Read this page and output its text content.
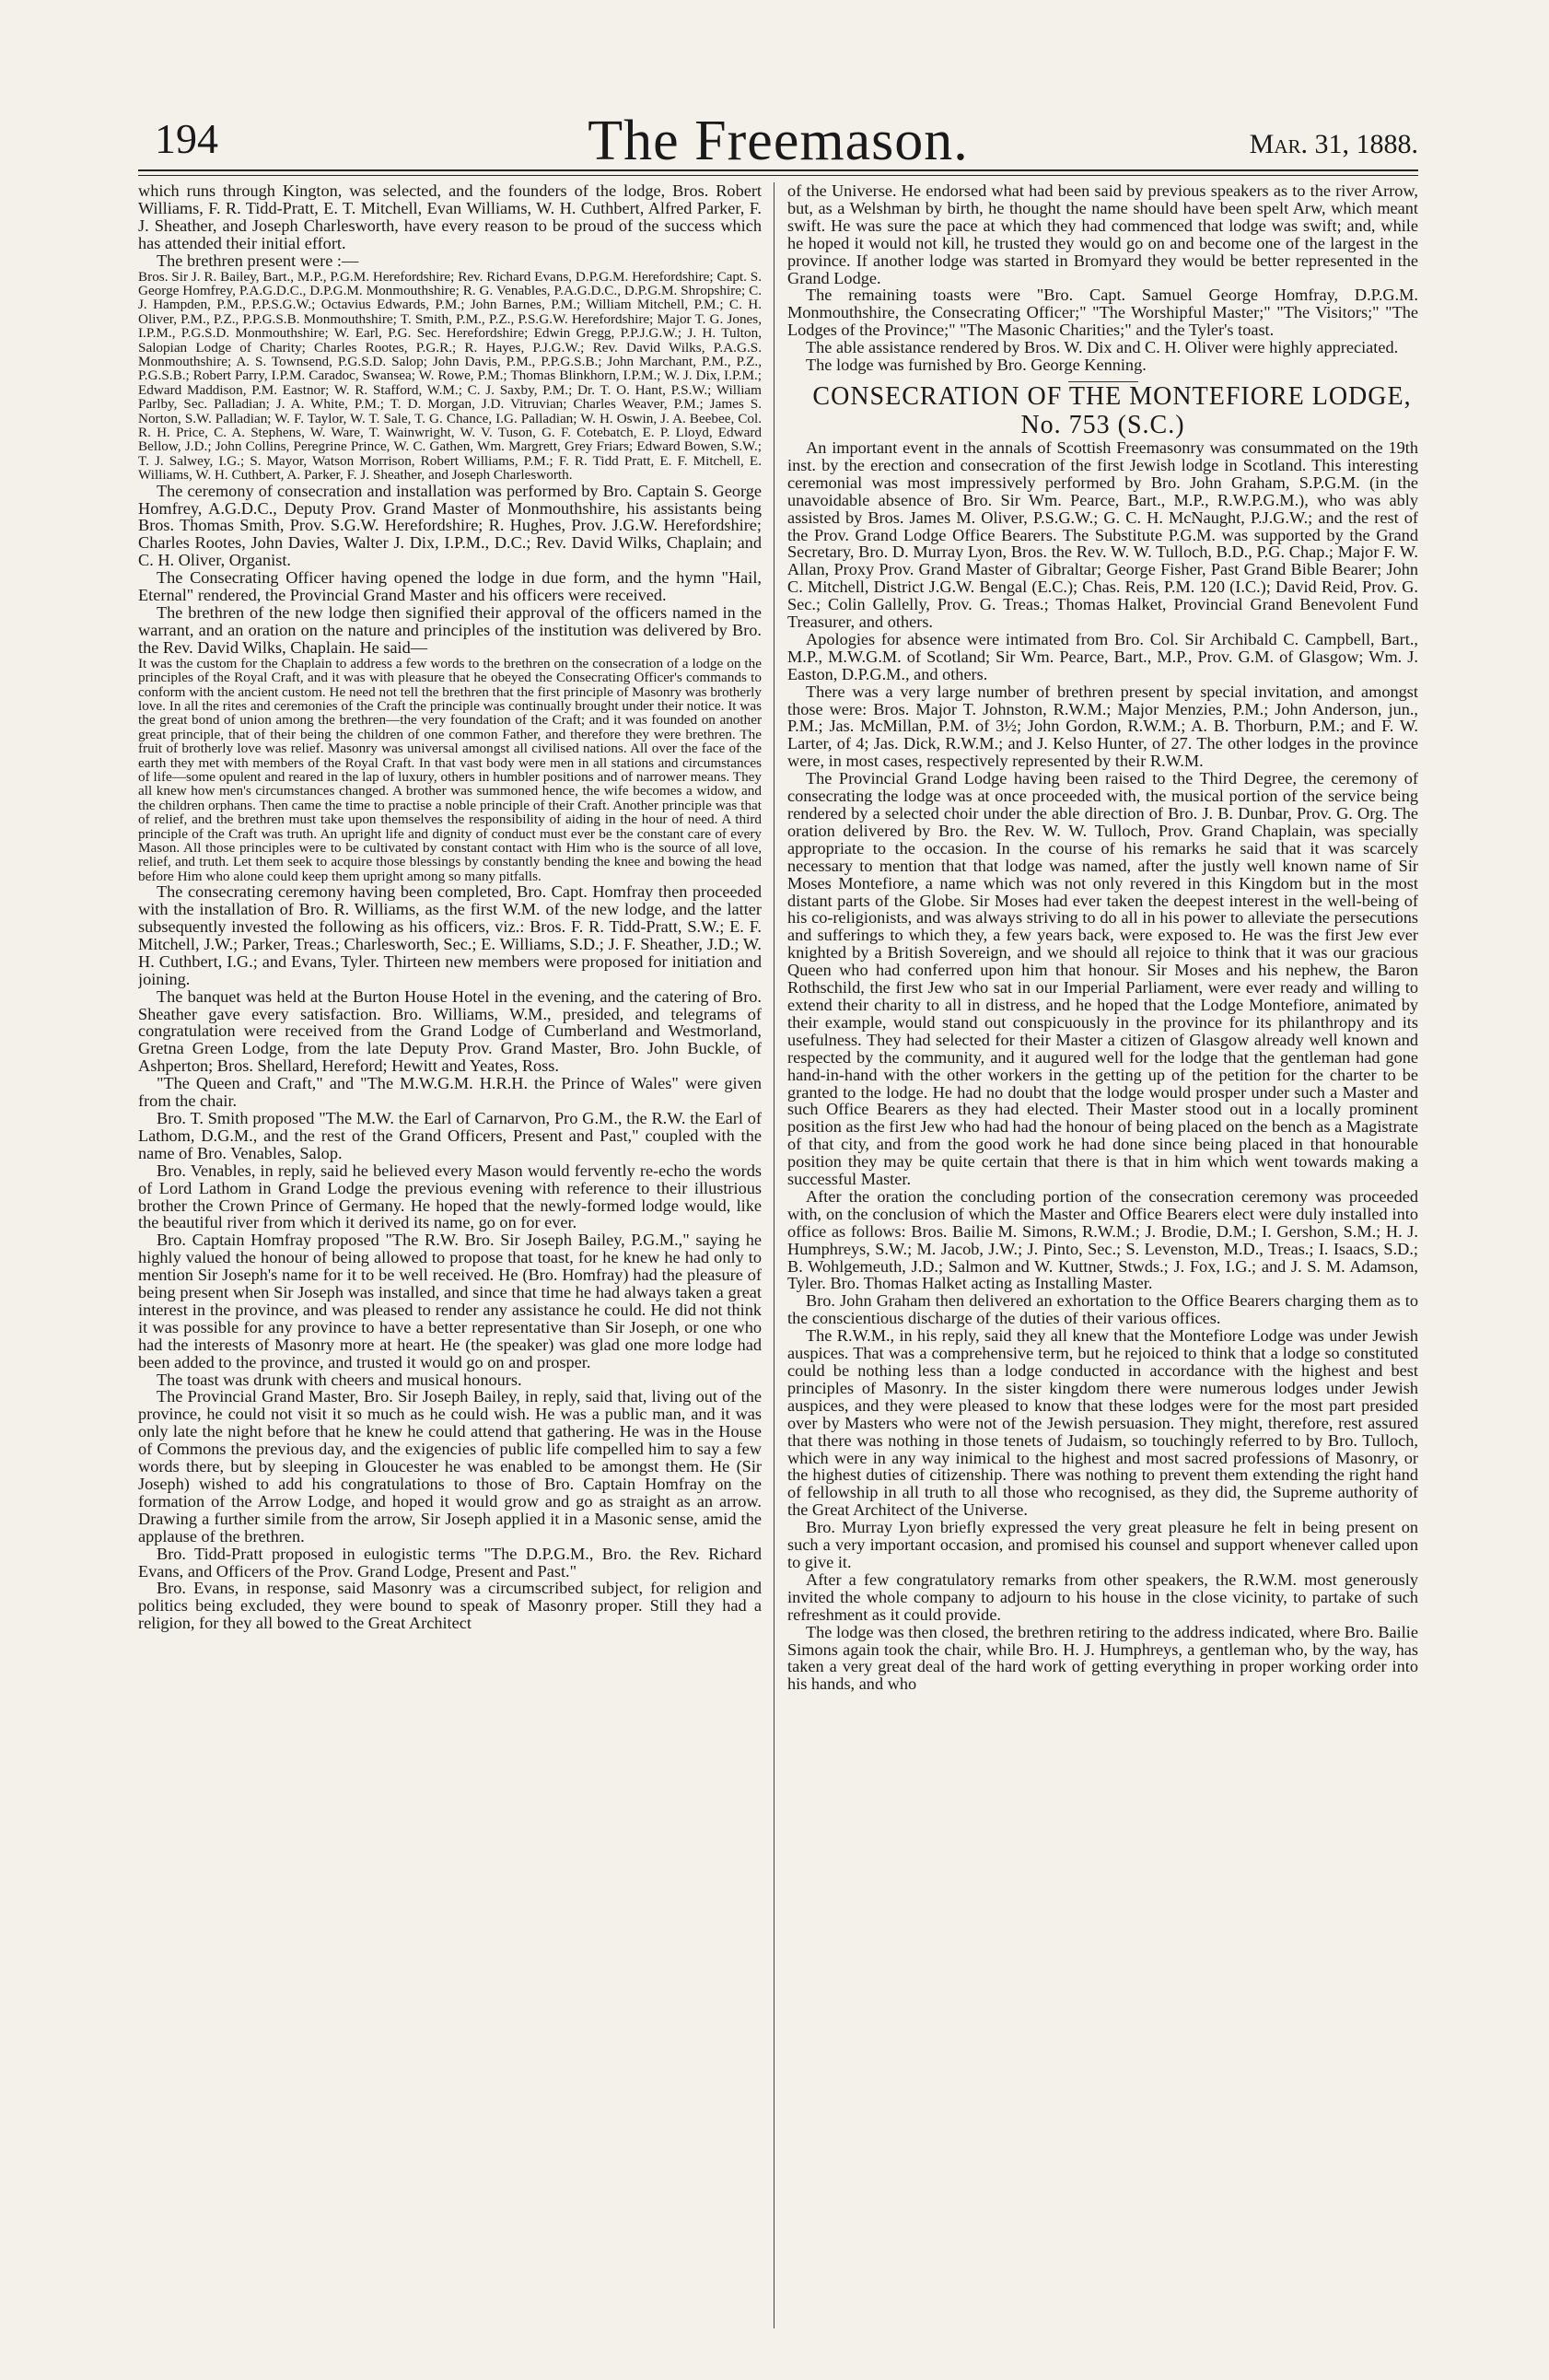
194	The Freemason.	Mar. 31, 1888.

which runs through Kington, was selected, and the founders of the lodge, Bros. Robert Williams, F. R. Tidd-Pratt, E. T. Mitchell, Evan Williams, W. H. Cuthbert, Alfred Parker, F. J. Sheather, and Joseph Charlesworth, have every reason to be proud of the success which has attended their initial effort.

The brethren present were :—

Bros. Sir J. R. Bailey, Bart., M.P., P.G.M. Herefordshire; Rev. Richard Evans, D.P.G.M. Herefordshire; Capt. S. George Homfrey, P.A.G.D.C., D.P.G.M. Monmouthshire; R. G. Venables, P.A.G.D.C., D.P.G.M. Shropshire; C. J. Hampden, P.M., P.P.S.G.W.; Octavius Edwards, P.M.; John Barnes, P.M.; William Mitchell, P.M.; C. H. Oliver, P.M., P.Z., P.P.G.S.B. Monmouthshire; T. Smith, P.M., P.Z., P.S.G.W. Herefordshire; Major T. G. Jones, I.P.M., P.G.S.D. Monmouthshire; W. Earl, P.G. Sec. Herefordshire; Edwin Gregg, P.P.J.G.W.; J. H. Tulton, Salopian Lodge of Charity; Charles Rootes, P.G.R.; R. Hayes, P.J.G.W.; Rev. David Wilks, P.A.G.S. Monmouthshire; A. S. Townsend, P.G.S.D. Salop; John Davis, P.M., P.P.G.S.B.; John Marchant, P.M., P.Z., P.G.S.B.; Robert Parry, I.P.M. Caradoc, Swansea; W. Rowe, P.M.; Thomas Blinkhorn, I.P.M.; W. J. Dix, I.P.M.; Edward Maddison, P.M. Eastnor; W. R. Stafford, W.M.; C. J. Saxby, P.M.; Dr. T. O. Hant, P.S.W.; William Parlby, Sec. Palladian; J. A. White, P.M.; T. D. Morgan, J.D. Vitruvian; Charles Weaver, P.M.; James S. Norton, S.W. Palladian; W. F. Taylor, W. T. Sale, T. G. Chance, I.G. Palladian; W. H. Oswin, J. A. Beebee, Col. R. H. Price, C. A. Stephens, W. Ware, T. Wainwright, W. V. Tuson, G. F. Cotebatch, E. P. Lloyd, Edward Bellow, J.D.; John Collins, Peregrine Prince, W. C. Gathen, Wm. Margrett, Grey Friars; Edward Bowen, S.W.; T. J. Salwey, I.G.; S. Mayor, Watson Morrison, Robert Williams, P.M.; F. R. Tidd Pratt, E. F. Mitchell, E. Williams, W. H. Cuthbert, A. Parker, F. J. Sheather, and Joseph Charlesworth.

The ceremony of consecration and installation was performed by Bro. Captain S. George Homfrey, A.G.D.C., Deputy Prov. Grand Master of Monmouthshire, his assistants being Bros. Thomas Smith, Prov. S.G.W. Herefordshire; R. Hughes, Prov. J.G.W. Herefordshire; Charles Rootes, John Davies, Walter J. Dix, I.P.M., D.C.; Rev. David Wilks, Chaplain; and C. H. Oliver, Organist.

The Consecrating Officer having opened the lodge in due form, and the hymn "Hail, Eternal" rendered, the Provincial Grand Master and his officers were received.

The brethren of the new lodge then signified their approval of the officers named in the warrant, and an oration on the nature and principles of the institution was delivered by Bro. the Rev. David Wilks, Chaplain. He said—

It was the custom for the Chaplain to address a few words to the brethren on the consecration of a lodge on the principles of the Royal Craft, and it was with pleasure that he obeyed the Consecrating Officer's commands to conform with the ancient custom. He need not tell the brethren that the first principle of Masonry was brotherly love. In all the rites and ceremonies of the Craft the principle was continually brought under their notice. It was the great bond of union among the brethren—the very foundation of the Craft; and it was founded on another great principle, that of their being the children of one common Father, and therefore they were brethren. The fruit of brotherly love was relief. Masonry was universal amongst all civilised nations. All over the face of the earth they met with members of the Royal Craft. In that vast body were men in all stations and circumstances of life—some opulent and reared in the lap of luxury, others in humbler positions and of narrower means. They all knew how men's circumstances changed. A brother was summoned hence, the wife becomes a widow, and the children orphans. Then came the time to practise a noble principle of their Craft. Another principle was that of relief, and the brethren must take upon themselves the responsibility of aiding in the hour of need. A third principle of the Craft was truth. An upright life and dignity of conduct must ever be the constant care of every Mason. All those principles were to be cultivated by constant contact with Him who is the source of all love, relief, and truth. Let them seek to acquire those blessings by constantly bending the knee and bowing the head before Him who alone could keep them upright among so many pitfalls.

The consecrating ceremony having been completed, Bro. Capt. Homfray then proceeded with the installation of Bro. R. Williams, as the first W.M. of the new lodge, and the latter subsequently invested the following as his officers, viz.: Bros. F. R. Tidd-Pratt, S.W.; E. F. Mitchell, J.W.; Parker, Treas.; Charlesworth, Sec.; E. Williams, S.D.; J. F. Sheather, J.D.; W. H. Cuthbert, I.G.; and Evans, Tyler. Thirteen new members were proposed for initiation and joining.

The banquet was held at the Burton House Hotel in the evening, and the catering of Bro. Sheather gave every satisfaction. Bro. Williams, W.M., presided, and telegrams of congratulation were received from the Grand Lodge of Cumberland and Westmorland, Gretna Green Lodge, from the late Deputy Prov. Grand Master, Bro. John Buckle, of Ashperton; Bros. Shellard, Hereford; Hewitt and Yeates, Ross.

"The Queen and Craft," and "The M.W.G.M. H.R.H. the Prince of Wales" were given from the chair.

Bro. T. Smith proposed "The M.W. the Earl of Carnarvon, Pro G.M., the R.W. the Earl of Lathom, D.G.M., and the rest of the Grand Officers, Present and Past," coupled with the name of Bro. Venables, Salop.

Bro. Venables, in reply, said he believed every Mason would fervently re-echo the words of Lord Lathom in Grand Lodge the previous evening with reference to their illustrious brother the Crown Prince of Germany. He hoped that the newly-formed lodge would, like the beautiful river from which it derived its name, go on for ever.

Bro. Captain Homfray proposed "The R.W. Bro. Sir Joseph Bailey, P.G.M.," saying he highly valued the honour of being allowed to propose that toast, for he knew he had only to mention Sir Joseph's name for it to be well received. He (Bro. Homfray) had the pleasure of being present when Sir Joseph was installed, and since that time he had always taken a great interest in the province, and was pleased to render any assistance he could. He did not think it was possible for any province to have a better representative than Sir Joseph, or one who had the interests of Masonry more at heart. He (the speaker) was glad one more lodge had been added to the province, and trusted it would go on and prosper.

The toast was drunk with cheers and musical honours.

The Provincial Grand Master, Bro. Sir Joseph Bailey, in reply, said that, living out of the province, he could not visit it so much as he could wish. He was a public man, and it was only late the night before that he knew he could attend that gathering. He was in the House of Commons the previous day, and the exigencies of public life compelled him to say a few words there, but by sleeping in Gloucester he was enabled to be amongst them. He (Sir Joseph) wished to add his congratulations to those of Bro. Captain Homfray on the formation of the Arrow Lodge, and hoped it would grow and go as straight as an arrow. Drawing a further simile from the arrow, Sir Joseph applied it in a Masonic sense, amid the applause of the brethren.

Bro. Tidd-Pratt proposed in eulogistic terms "The D.P.G.M., Bro. the Rev. Richard Evans, and Officers of the Prov. Grand Lodge, Present and Past."

Bro. Evans, in response, said Masonry was a circumscribed subject, for religion and politics being excluded, they were bound to speak of Masonry proper. Still they had a religion, for they all bowed to the Great Architect

of the Universe. He endorsed what had been said by previous speakers as to the river Arrow, but, as a Welshman by birth, he thought the name should have been spelt Arw, which meant swift. He was sure the pace at which they had commenced that lodge was swift; and, while he hoped it would not kill, he trusted they would go on and become one of the largest in the province. If another lodge was started in Bromyard they would be better represented in the Grand Lodge.

The remaining toasts were "Bro. Capt. Samuel George Homfray, D.P.G.M. Monmouthshire, the Consecrating Officer;" "The Worshipful Master;" "The Visitors;" "The Lodges of the Province;" "The Masonic Charities;" and the Tyler's toast.

The able assistance rendered by Bros. W. Dix and C. H. Oliver were highly appreciated.

The lodge was furnished by Bro. George Kenning.

CONSECRATION OF THE MONTEFIORE LODGE, No. 753 (S.C.)

An important event in the annals of Scottish Freemasonry was consummated on the 19th inst. by the erection and consecration of the first Jewish lodge in Scotland. This interesting ceremonial was most impressively performed by Bro. John Graham, S.P.G.M. (in the unavoidable absence of Bro. Sir Wm. Pearce, Bart., M.P., R.W.P.G.M.), who was ably assisted by Bros. James M. Oliver, P.S.G.W.; G. C. H. McNaught, P.J.G.W.; and the rest of the Prov. Grand Lodge Office Bearers. The Substitute P.G.M. was supported by the Grand Secretary, Bro. D. Murray Lyon, Bros. the Rev. W. W. Tulloch, B.D., P.G. Chap.; Major F. W. Allan, Proxy Prov. Grand Master of Gibraltar; George Fisher, Past Grand Bible Bearer; John C. Mitchell, District J.G.W. Bengal (E.C.); Chas. Reis, P.M. 120 (I.C.); David Reid, Prov. G. Sec.; Colin Gallelly, Prov. G. Treas.; Thomas Halket, Provincial Grand Benevolent Fund Treasurer, and others.

Apologies for absence were intimated from Bro. Col. Sir Archibald C. Campbell, Bart., M.P., M.W.G.M. of Scotland; Sir Wm. Pearce, Bart., M.P., Prov. G.M. of Glasgow; Wm. J. Easton, D.P.G.M., and others.

There was a very large number of brethren present by special invitation, and amongst those were: Bros. Major T. Johnston, R.W.M.; Major Menzies, P.M.; John Anderson, jun., P.M.; Jas. McMillan, P.M. of 3½; John Gordon, R.W.M.; A. B. Thorburn, P.M.; and F. W. Larter, of 4; Jas. Dick, R.W.M.; and J. Kelso Hunter, of 27. The other lodges in the province were, in most cases, respectively represented by their R.W.M.

The Provincial Grand Lodge having been raised to the Third Degree, the ceremony of consecrating the lodge was at once proceeded with, the musical portion of the service being rendered by a selected choir under the able direction of Bro. J. B. Dunbar, Prov. G. Org. The oration delivered by Bro. the Rev. W. W. Tulloch, Prov. Grand Chaplain, was specially appropriate to the occasion. In the course of his remarks he said that it was scarcely necessary to mention that that lodge was named, after the justly well known name of Sir Moses Montefiore, a name which was not only revered in this Kingdom but in the most distant parts of the Globe. Sir Moses had ever taken the deepest interest in the well-being of his co-religionists, and was always striving to do all in his power to alleviate the persecutions and sufferings to which they, a few years back, were exposed to. He was the first Jew ever knighted by a British Sovereign, and we should all rejoice to think that it was our gracious Queen who had conferred upon him that honour. Sir Moses and his nephew, the Baron Rothschild, the first Jew who sat in our Imperial Parliament, were ever ready and willing to extend their charity to all in distress, and he hoped that the Lodge Montefiore, animated by their example, would stand out conspicuously in the province for its philanthropy and its usefulness. They had selected for their Master a citizen of Glasgow already well known and respected by the community, and it augured well for the lodge that the gentleman had gone hand-in-hand with the other workers in the getting up of the petition for the charter to be granted to the lodge. He had no doubt that the lodge would prosper under such a Master and such Office Bearers as they had elected. Their Master stood out in a locally prominent position as the first Jew who had had the honour of being placed on the bench as a Magistrate of that city, and from the good work he had done since being placed in that honourable position they may be quite certain that there is that in him which went towards making a successful Master.

After the oration the concluding portion of the consecration ceremony was proceeded with, on the conclusion of which the Master and Office Bearers elect were duly installed into office as follows: Bros. Bailie M. Simons, R.W.M.; J. Brodie, D.M.; I. Gershon, S.M.; H. J. Humphreys, S.W.; M. Jacob, J.W.; J. Pinto, Sec.; S. Levenston, M.D., Treas.; I. Isaacs, S.D.; B. Wohlgemeuth, J.D.; Salmon and W. Kuttner, Stwds.; J. Fox, I.G.; and J. S. M. Adamson, Tyler. Bro. Thomas Halket acting as Installing Master.

Bro. John Graham then delivered an exhortation to the Office Bearers charging them as to the conscientious discharge of the duties of their various offices.

The R.W.M., in his reply, said they all knew that the Montefiore Lodge was under Jewish auspices. That was a comprehensive term, but he rejoiced to think that a lodge so constituted could be nothing less than a lodge conducted in accordance with the highest and best principles of Masonry. In the sister kingdom there were numerous lodges under Jewish auspices, and they were pleased to know that these lodges were for the most part presided over by Masters who were not of the Jewish persuasion. They might, therefore, rest assured that there was nothing in those tenets of Judaism, so touchingly referred to by Bro. Tulloch, which were in any way inimical to the highest and most sacred professions of Masonry, or the highest duties of citizenship. There was nothing to prevent them extending the right hand of fellowship in all truth to all those who recognised, as they did, the Supreme authority of the Great Architect of the Universe.

Bro. Murray Lyon briefly expressed the very great pleasure he felt in being present on such a very important occasion, and promised his counsel and support whenever called upon to give it.

After a few congratulatory remarks from other speakers, the R.W.M. most generously invited the whole company to adjourn to his house in the close vicinity, to partake of such refreshment as it could provide.

The lodge was then closed, the brethren retiring to the address indicated, where Bro. Bailie Simons again took the chair, while Bro. H. J. Humphreys, a gentleman who, by the way, has taken a very great deal of the hard work of getting everything in proper working order into his hands, and who
